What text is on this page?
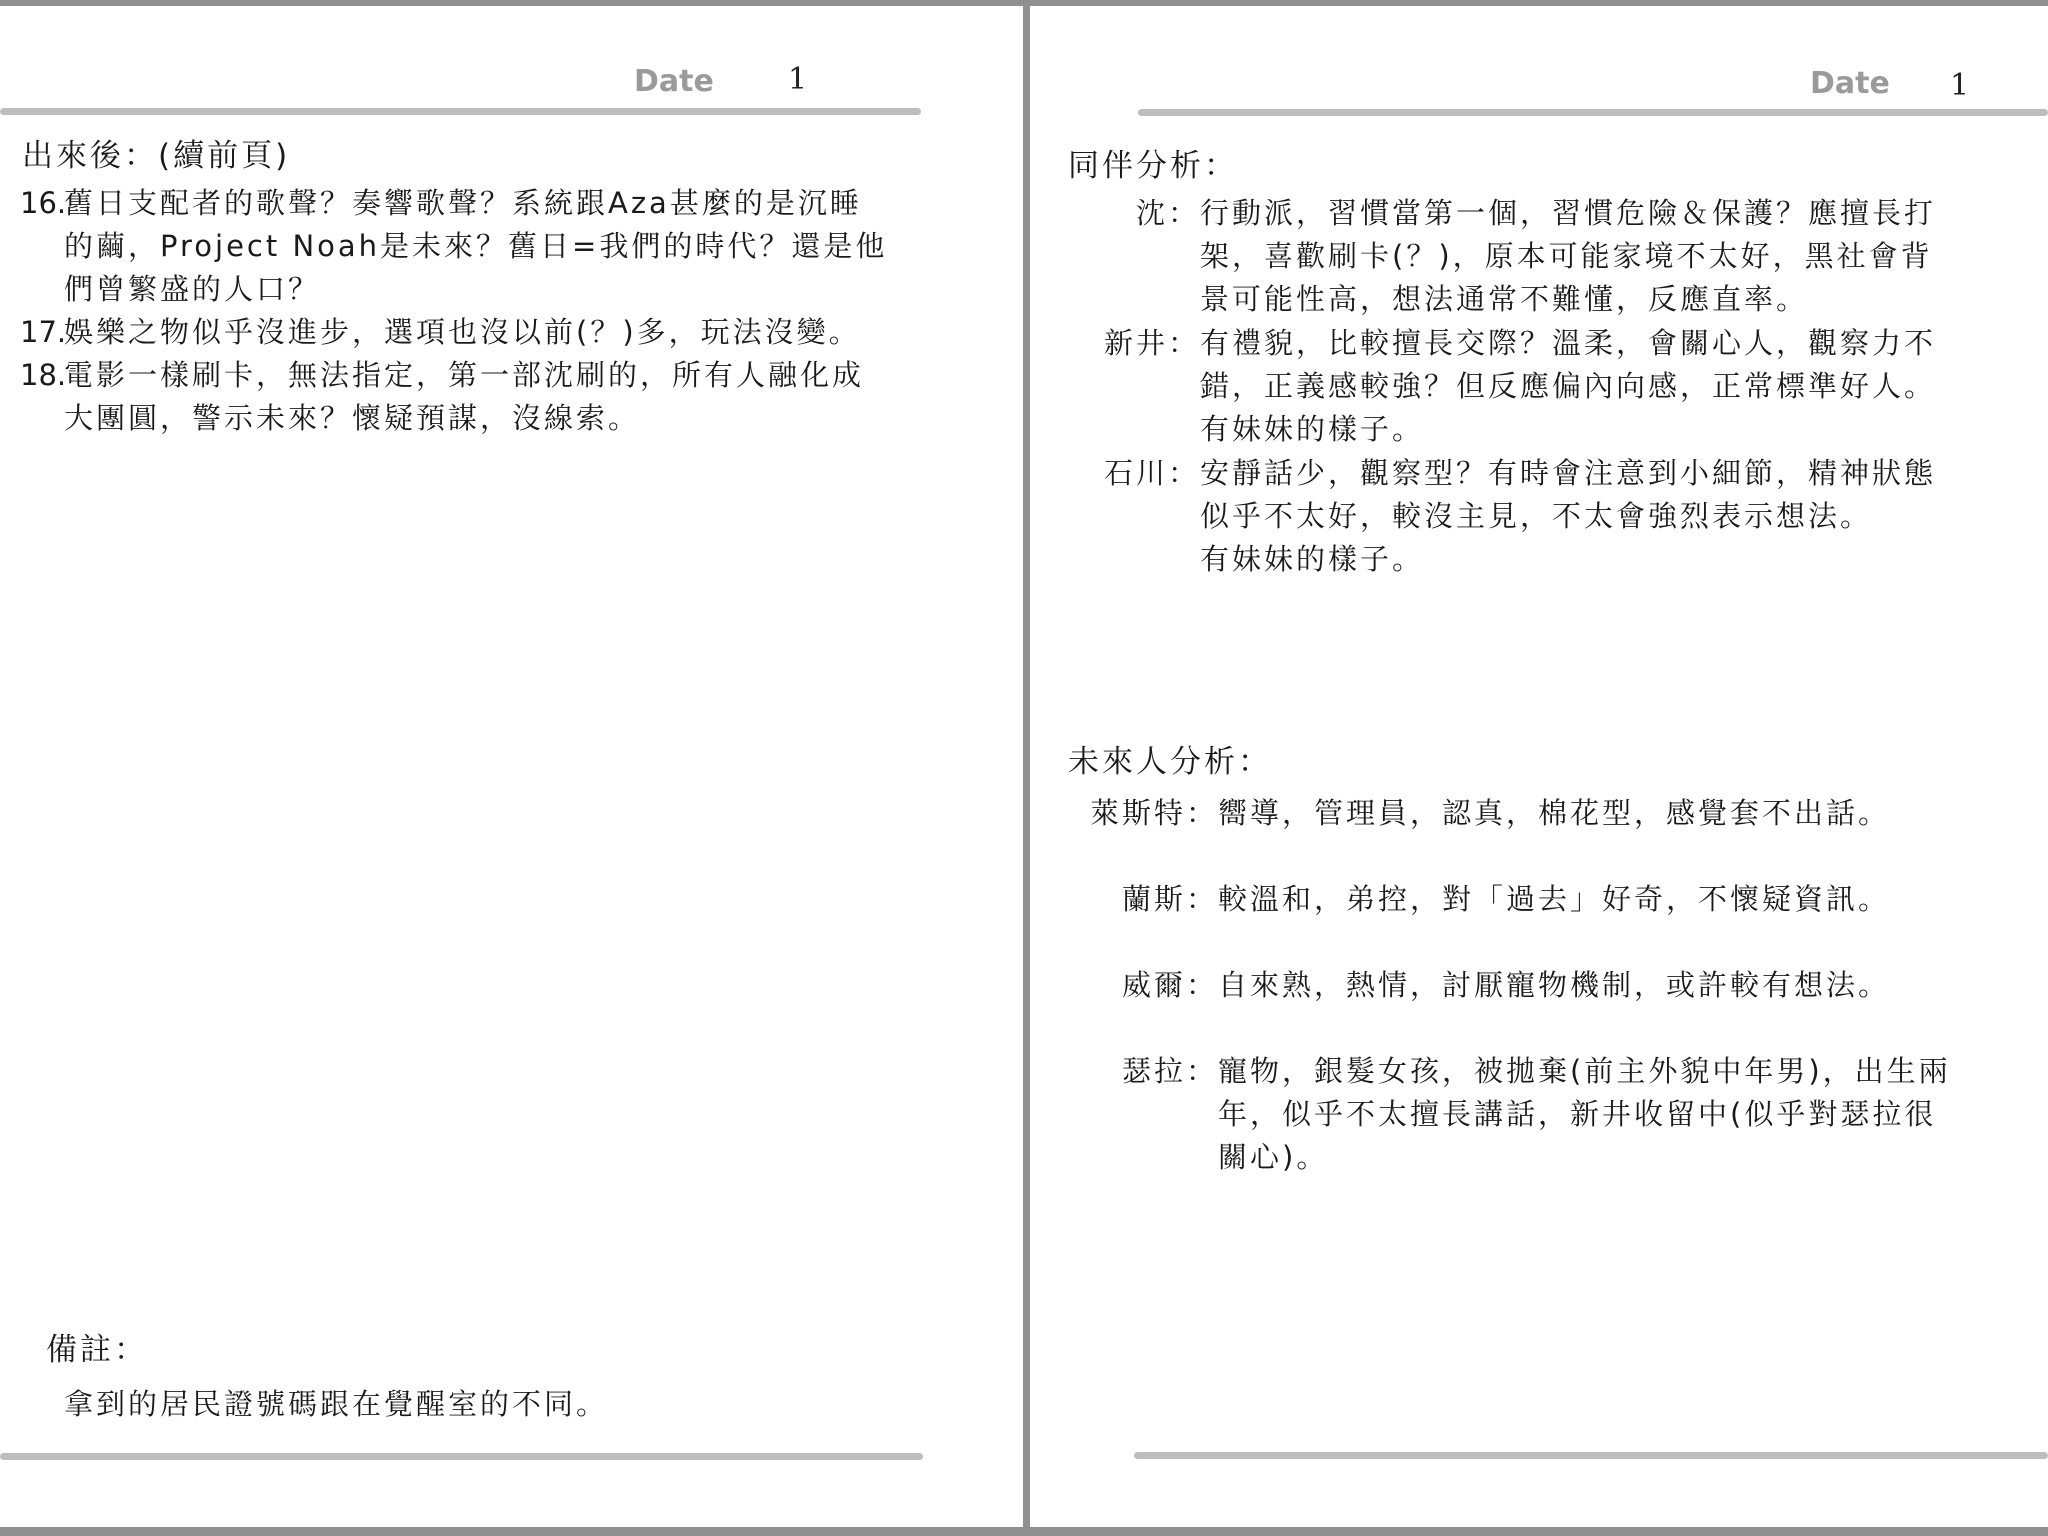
Date 1
出來後：(續前頁)
16.
舊日支配者的歌聲？奏響歌聲？系統跟Aza甚麼的是沉睡
的繭，Project Noah是未來？舊日=我們的時代？還是他
們曾繁盛的人口？
17.
娛樂之物似乎沒進步，選項也沒以前(？)多，玩法沒變。
18.
電影一樣刷卡，無法指定，第一部沈刷的，所有人融化成
大團圓，警示未來？懷疑預謀，沒線索。
備註：
拿到的居民證號碼跟在覺醒室的不同。
Date 1
同伴分析：
沈： 行動派，習慣當第一個，習慣危險＆保護？應擅長打
架，喜歡刷卡(？)，原本可能家境不太好，黑社會背
景可能性高，想法通常不難懂，反應直率。
新井： 有禮貌，比較擅長交際？溫柔，會關心人，觀察力不
錯，正義感較強？但反應偏內向感，正常標準好人。
有妹妹的樣子。
石川： 安靜話少，觀察型？有時會注意到小細節，精神狀態
似乎不太好，較沒主見，不太會強烈表示想法。
有妹妹的樣子。
未來人分析：
萊斯特： 嚮導，管理員，認真，棉花型，感覺套不出話。
蘭斯： 較溫和，弟控，對「過去」好奇，不懷疑資訊。
威爾： 自來熟，熱情，討厭寵物機制，或許較有想法。
瑟拉： 寵物，銀髮女孩，被拋棄(前主外貌中年男)，出生兩
年，似乎不太擅長講話，新井收留中(似乎對瑟拉很
關心)。
